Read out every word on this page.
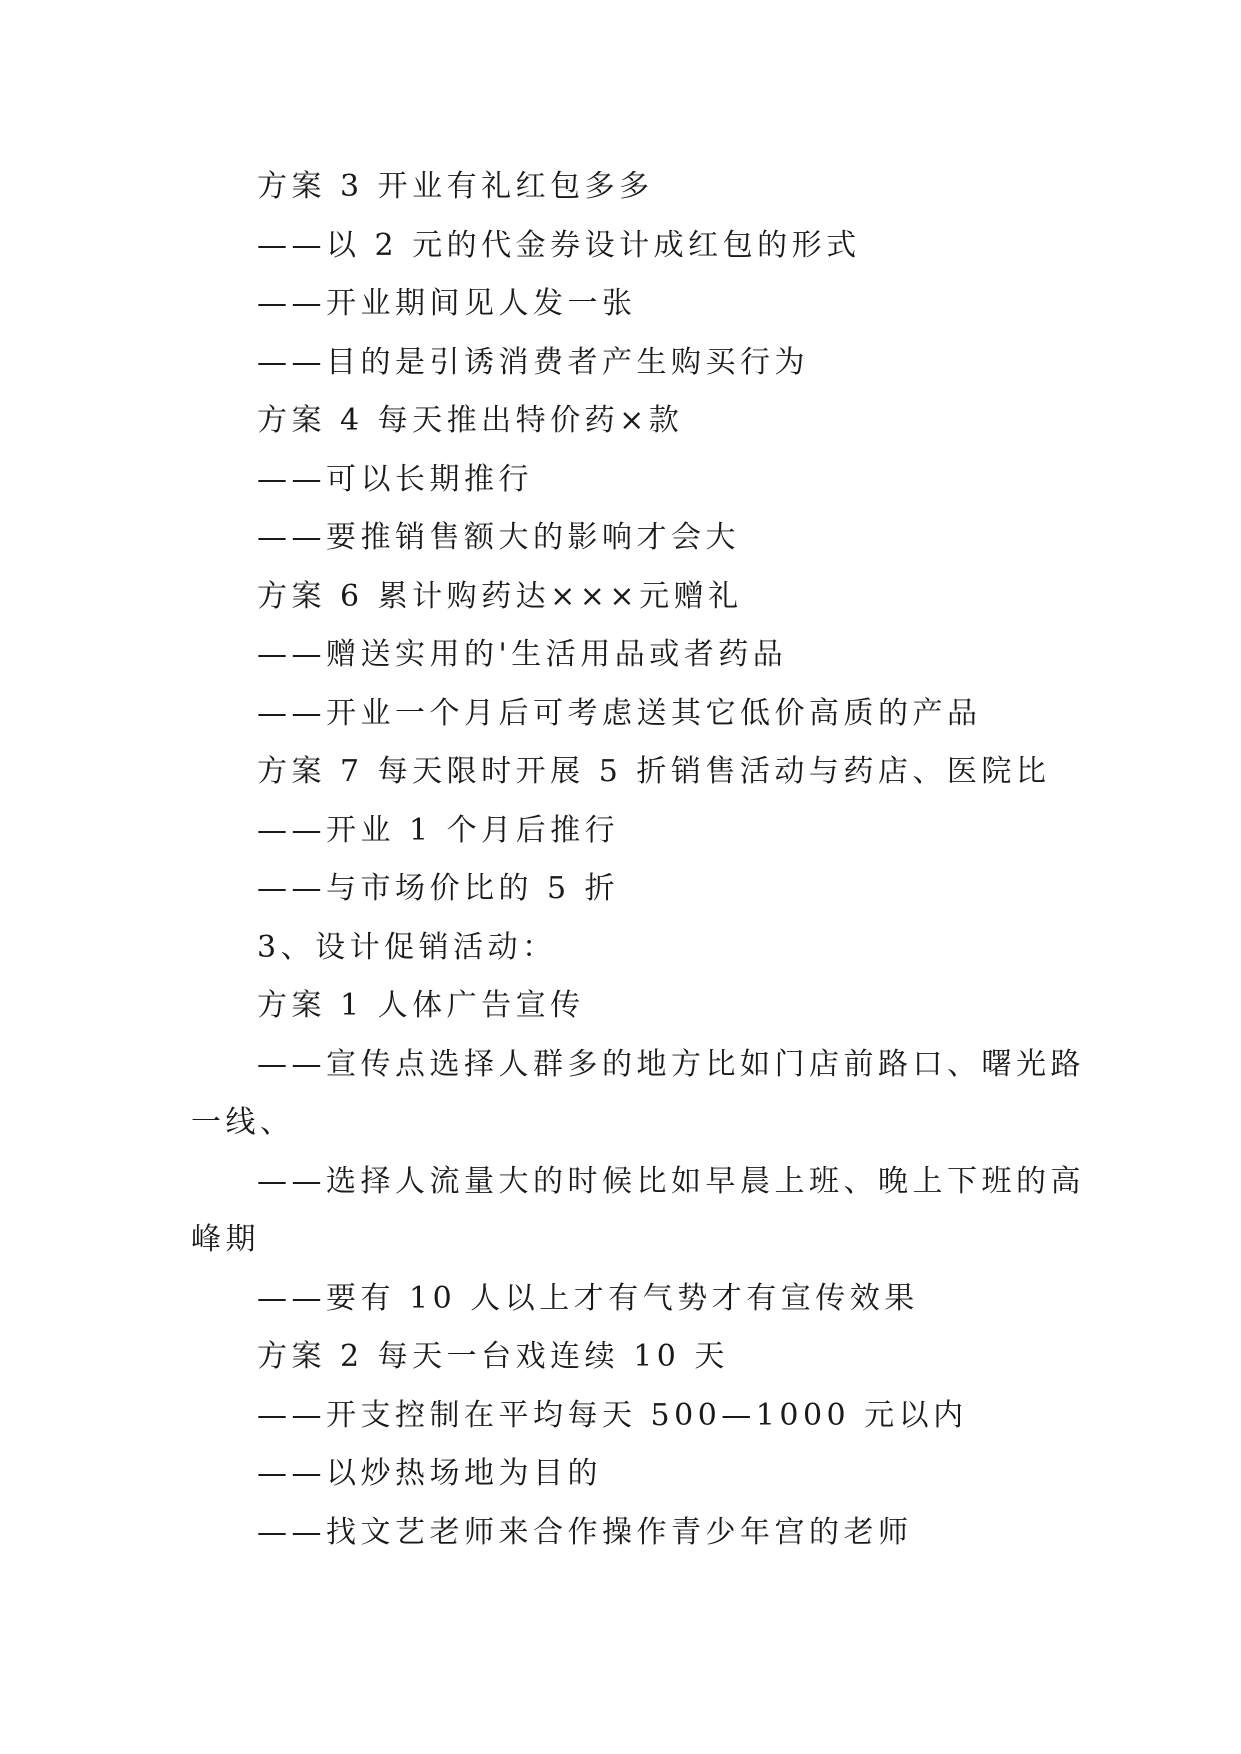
方案 3 开业有礼红包多多
——以 2 元的代金券设计成红包的形式
——开业期间见人发一张
——目的是引诱消费者产生购买行为
方案 4 每天推出特价药×款
——可以长期推行
——要推销售额大的影响才会大
方案 6 累计购药达×××元赠礼
——赠送实用的'生活用品或者药品
——开业一个月后可考虑送其它低价高质的产品
方案 7 每天限时开展 5 折销售活动与药店、医院比
——开业 1 个月后推行
——与市场价比的 5 折
3、设计促销活动：
方案 1 人体广告宣传
——宣传点选择人群多的地方比如门店前路口、曙光路
一线、
——选择人流量大的时候比如早晨上班、晚上下班的高
峰期
——要有 10 人以上才有气势才有宣传效果
方案 2 每天一台戏连续 10 天
——开支控制在平均每天 500—1000 元以内
——以炒热场地为目的
——找文艺老师来合作操作青少年宫的老师
